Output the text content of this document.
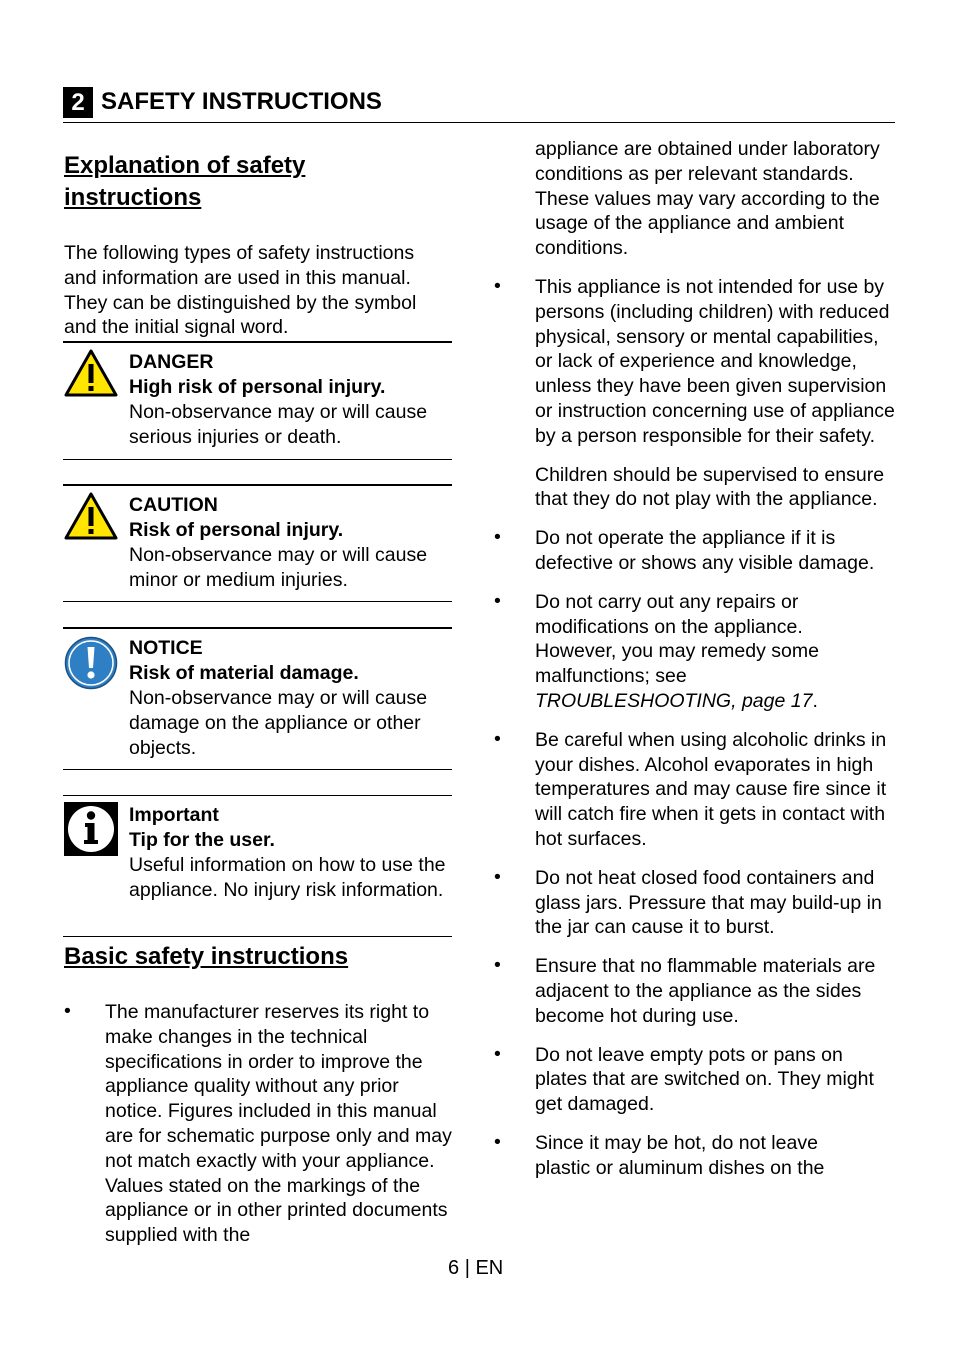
2 SAFETY INSTRUCTIONS
Explanation of safety
instructions
The following types of safety instructions and information are used in this manual. They can be distinguished by the symbol and the initial signal word.
DANGER
High risk of personal injury.
Non-observance may or will cause serious injuries or death.
CAUTION
Risk of personal injury.
Non-observance may or will cause minor or medium injuries.
NOTICE
Risk of material damage.
Non-observance may or will cause damage on the appliance or other objects.
Important
Tip for the user.
Useful information on how to use the appliance. No injury risk information.
Basic safety instructions
• The manufacturer reserves its right to make changes in the technical specifications in order to improve the appliance quality without any prior notice. Figures included in this manual are for schematic purpose only and may not match exactly with your appliance. Values stated on the markings of the appliance or in other printed documents supplied with the
appliance are obtained under laboratory conditions as per relevant standards. These values may vary according to the usage of the appliance and ambient conditions.
• This appliance is not intended for use by persons (including children) with reduced physical, sensory or mental capabilities, or lack of experience and knowledge, unless they have been given supervision or instruction concerning use of appliance by a person responsible for their safety.
Children should be supervised to ensure that they do not play with the appliance.
• Do not operate the appliance if it is defective or shows any visible damage.
• Do not carry out any repairs or modifications on the appliance. However, you may remedy some malfunctions; see TROUBLESHOOTING, page 17.
• Be careful when using alcoholic drinks in your dishes. Alcohol evaporates in high temperatures and may cause fire since it will catch fire when it gets in contact with hot surfaces.
• Do not heat closed food containers and glass jars. Pressure that may build-up in the jar can cause it to burst.
• Ensure that no flammable materials are adjacent to the appliance as the sides become hot during use.
• Do not leave empty pots or pans on plates that are switched on. They might get damaged.
• Since it may be hot, do not leave plastic or aluminum dishes on the
6 | EN
